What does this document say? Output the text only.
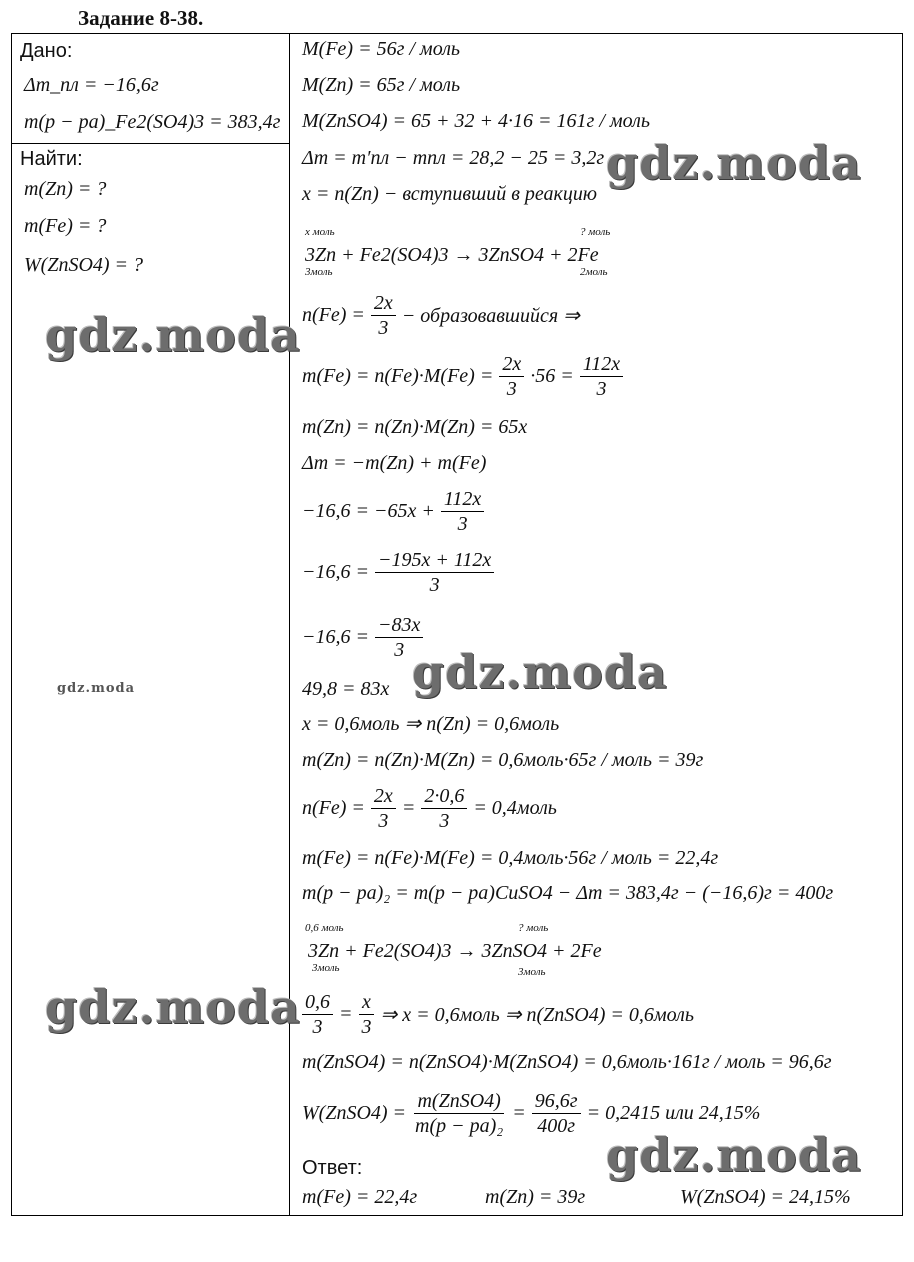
Задание 8-38.
Дано:
Δm_пл = −16,6г
m(p − pa)_Fe2(SO4)3 = 383,4г
Найти:
m(Zn) = ?
m(Fe) = ?
W(ZnSO4) = ?
M(Fe) = 56г / моль
M(Zn) = 65г / моль
M(ZnSO4) = 65 + 32 + 4·16 = 161г / моль
Δm = m′пл − mпл = 28,2 − 25 = 3,2г
x = n(Zn) − вступивший в реакцию
x моль
3Zn + Fe2(SO4)3 → 3ZnSO4 + 2Fe
3моль
? моль
2моль
$n(Fe) = \frac{2x}{3}$ − образовавшийся ⇒
$m(Fe) = n(Fe)\cdot M(Fe) = \frac{2x}{3} \cdot 56 = \frac{112x}{3}$
m(Zn) = n(Zn)·M(Zn) = 65x
Δm = −m(Zn) + m(Fe)
$-16,6 = -65x + \frac{112x}{3}$
$-16,6 = \frac{-195x + 112x}{3}$
$-16,6 = \frac{-83x}{3}$
49,8 = 83x
x = 0,6моль ⇒ n(Zn) = 0,6моль
m(Zn) = n(Zn)·M(Zn) = 0,6моль·65г / моль = 39г
$n(Fe) = \frac{2x}{3} = \frac{2\cdot 0,6}{3}$ = 0,4моль
m(Fe) = n(Fe)·M(Fe) = 0,4моль·56г / моль = 22,4г
m(p − pa)₂ = m(p − pa)CuSO4 − Δm = 383,4г − (−16,6)г = 400г
0,6 моль
3Zn + Fe2(SO4)3 → 3ZnSO4 + 2Fe
3моль
? моль
3моль
$\frac{0,6}{3} = \frac{x}{3}$ ⇒ x = 0,6моль ⇒ n(ZnSO4) = 0,6моль
m(ZnSO4) = n(ZnSO4)·M(ZnSO4) = 0,6моль·161г / моль = 96,6г
W(ZnSO4) =
m(ZnSO4)
m(p − pa)₂
=
96,6г
400г
= 0,2415 или 24,15%
Ответ:
m(Fe) = 22,4г	m(Zn) = 39г	W(ZnSO4) = 24,15%
gdz.moda
gdz.moda
gdz.moda	gdz.moda
gdz.moda
gdz.moda
